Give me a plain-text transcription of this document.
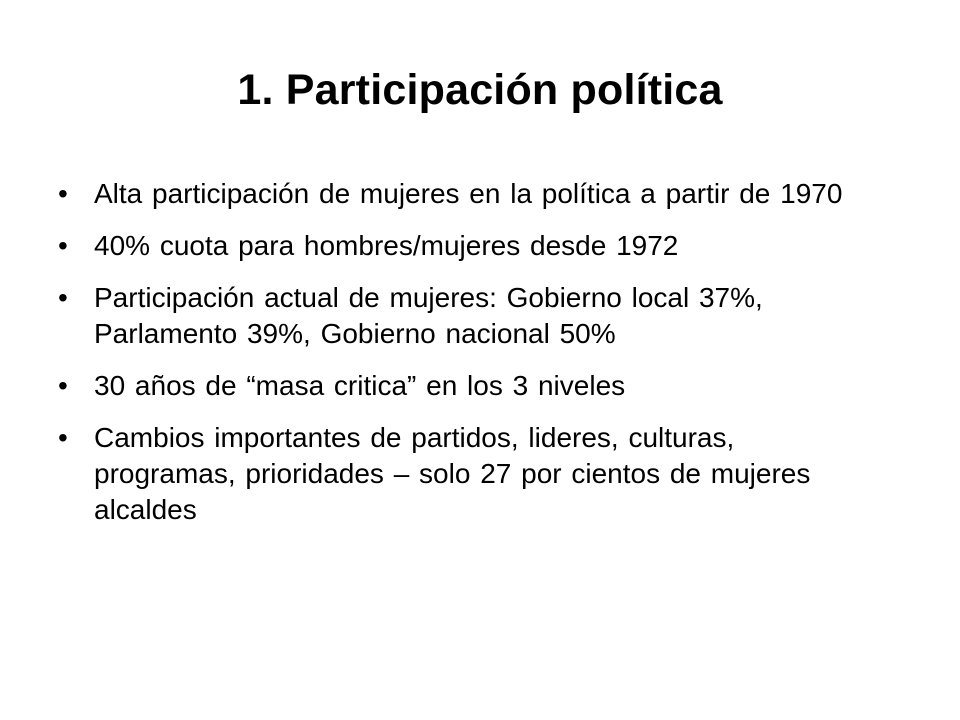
1. Participación política
• Alta participación de mujeres en la política a partir de 1970
• 40% cuota para hombres/mujeres desde 1972
• Participación actual de mujeres: Gobierno local 37%, Parlamento 39%, Gobierno nacional 50%
• 30 años de “masa critica” en los 3 niveles
• Cambios importantes de partidos, lideres, culturas, programas, prioridades – solo 27 por cientos de mujeres alcaldes
